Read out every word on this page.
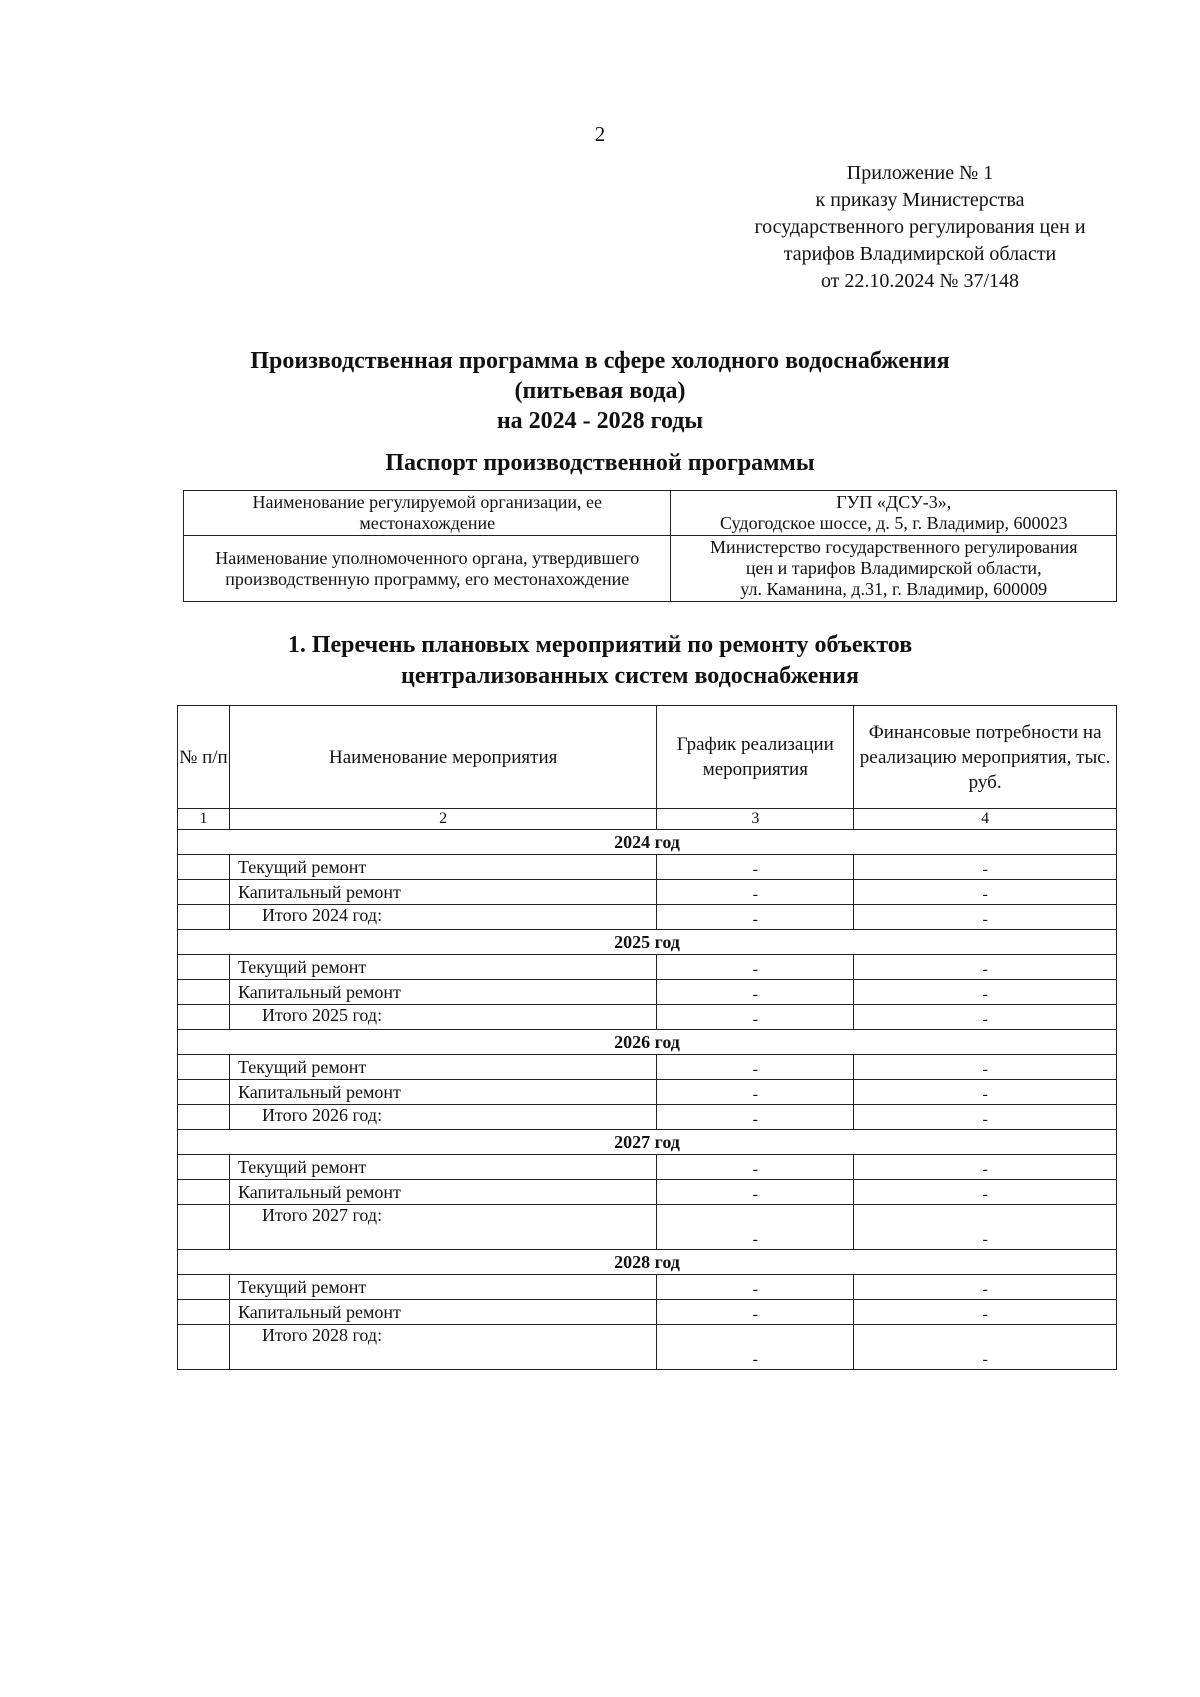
2
Приложение № 1
к приказу Министерства
государственного регулирования цен и
тарифов Владимирской области
от 22.10.2024 № 37/148
Производственная программа в сфере холодного водоснабжения
(питьевая вода)
на 2024 - 2028 годы
Паспорт производственной программы
Наименование регулируемой организации, ее местонахождение	ГУП «ДСУ-3»,
Судогодское шоссе, д. 5, г. Владимир, 600023

Наименование уполномоченного органа, утвердившего производственную программу, его местонахождение	Министерство государственного регулирования
цен и тарифов Владимирской области,
ул. Каманина, д.31, г. Владимир, 600009
1. Перечень плановых мероприятий по ремонту объектов
централизованных систем водоснабжения
№ п/п	Наименование мероприятия	График реализации мероприятия	Финансовые потребности на реализацию мероприятия, тыс. руб.
1	2	3	4
2024 год			
	Текущий ремонт	-	-
	Капитальный ремонт	-	-
	Итого 2024 год:	-	-
2025 год			
	Текущий ремонт	-	-
	Капитальный ремонт	-	-
	Итого 2025 год:	-	-
2026 год			
	Текущий ремонт	-	-
	Капитальный ремонт	-	-
	Итого 2026 год:	-	-
2027 год			
	Текущий ремонт	-	-
	Капитальный ремонт	-	-
	Итого 2027 год:	-	-
2028 год			
	Текущий ремонт	-	-
	Капитальный ремонт	-	-
	Итого 2028 год:	-	-
